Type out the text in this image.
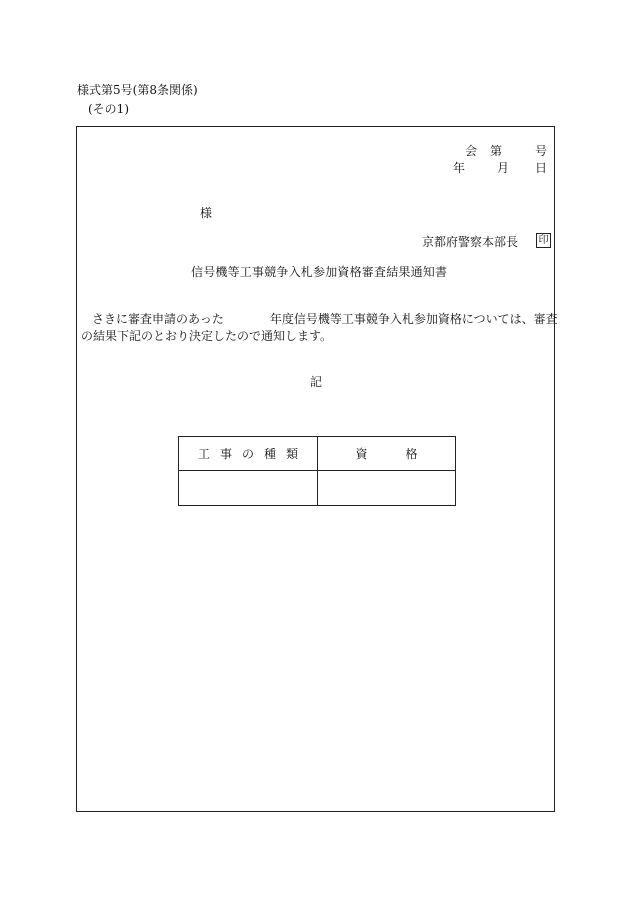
様式第5号(第8条関係)
(その1)
会	第	号
年	月 日
様
京都府警察本部長 印
信号機等工事競争入札参加資格審査結果通知書
さきに審査申請のあった	年度信号機等工事競争入札参加資格については、審査
の結果下記のとおり決定したので通知します。
記
工事の種類	資格
